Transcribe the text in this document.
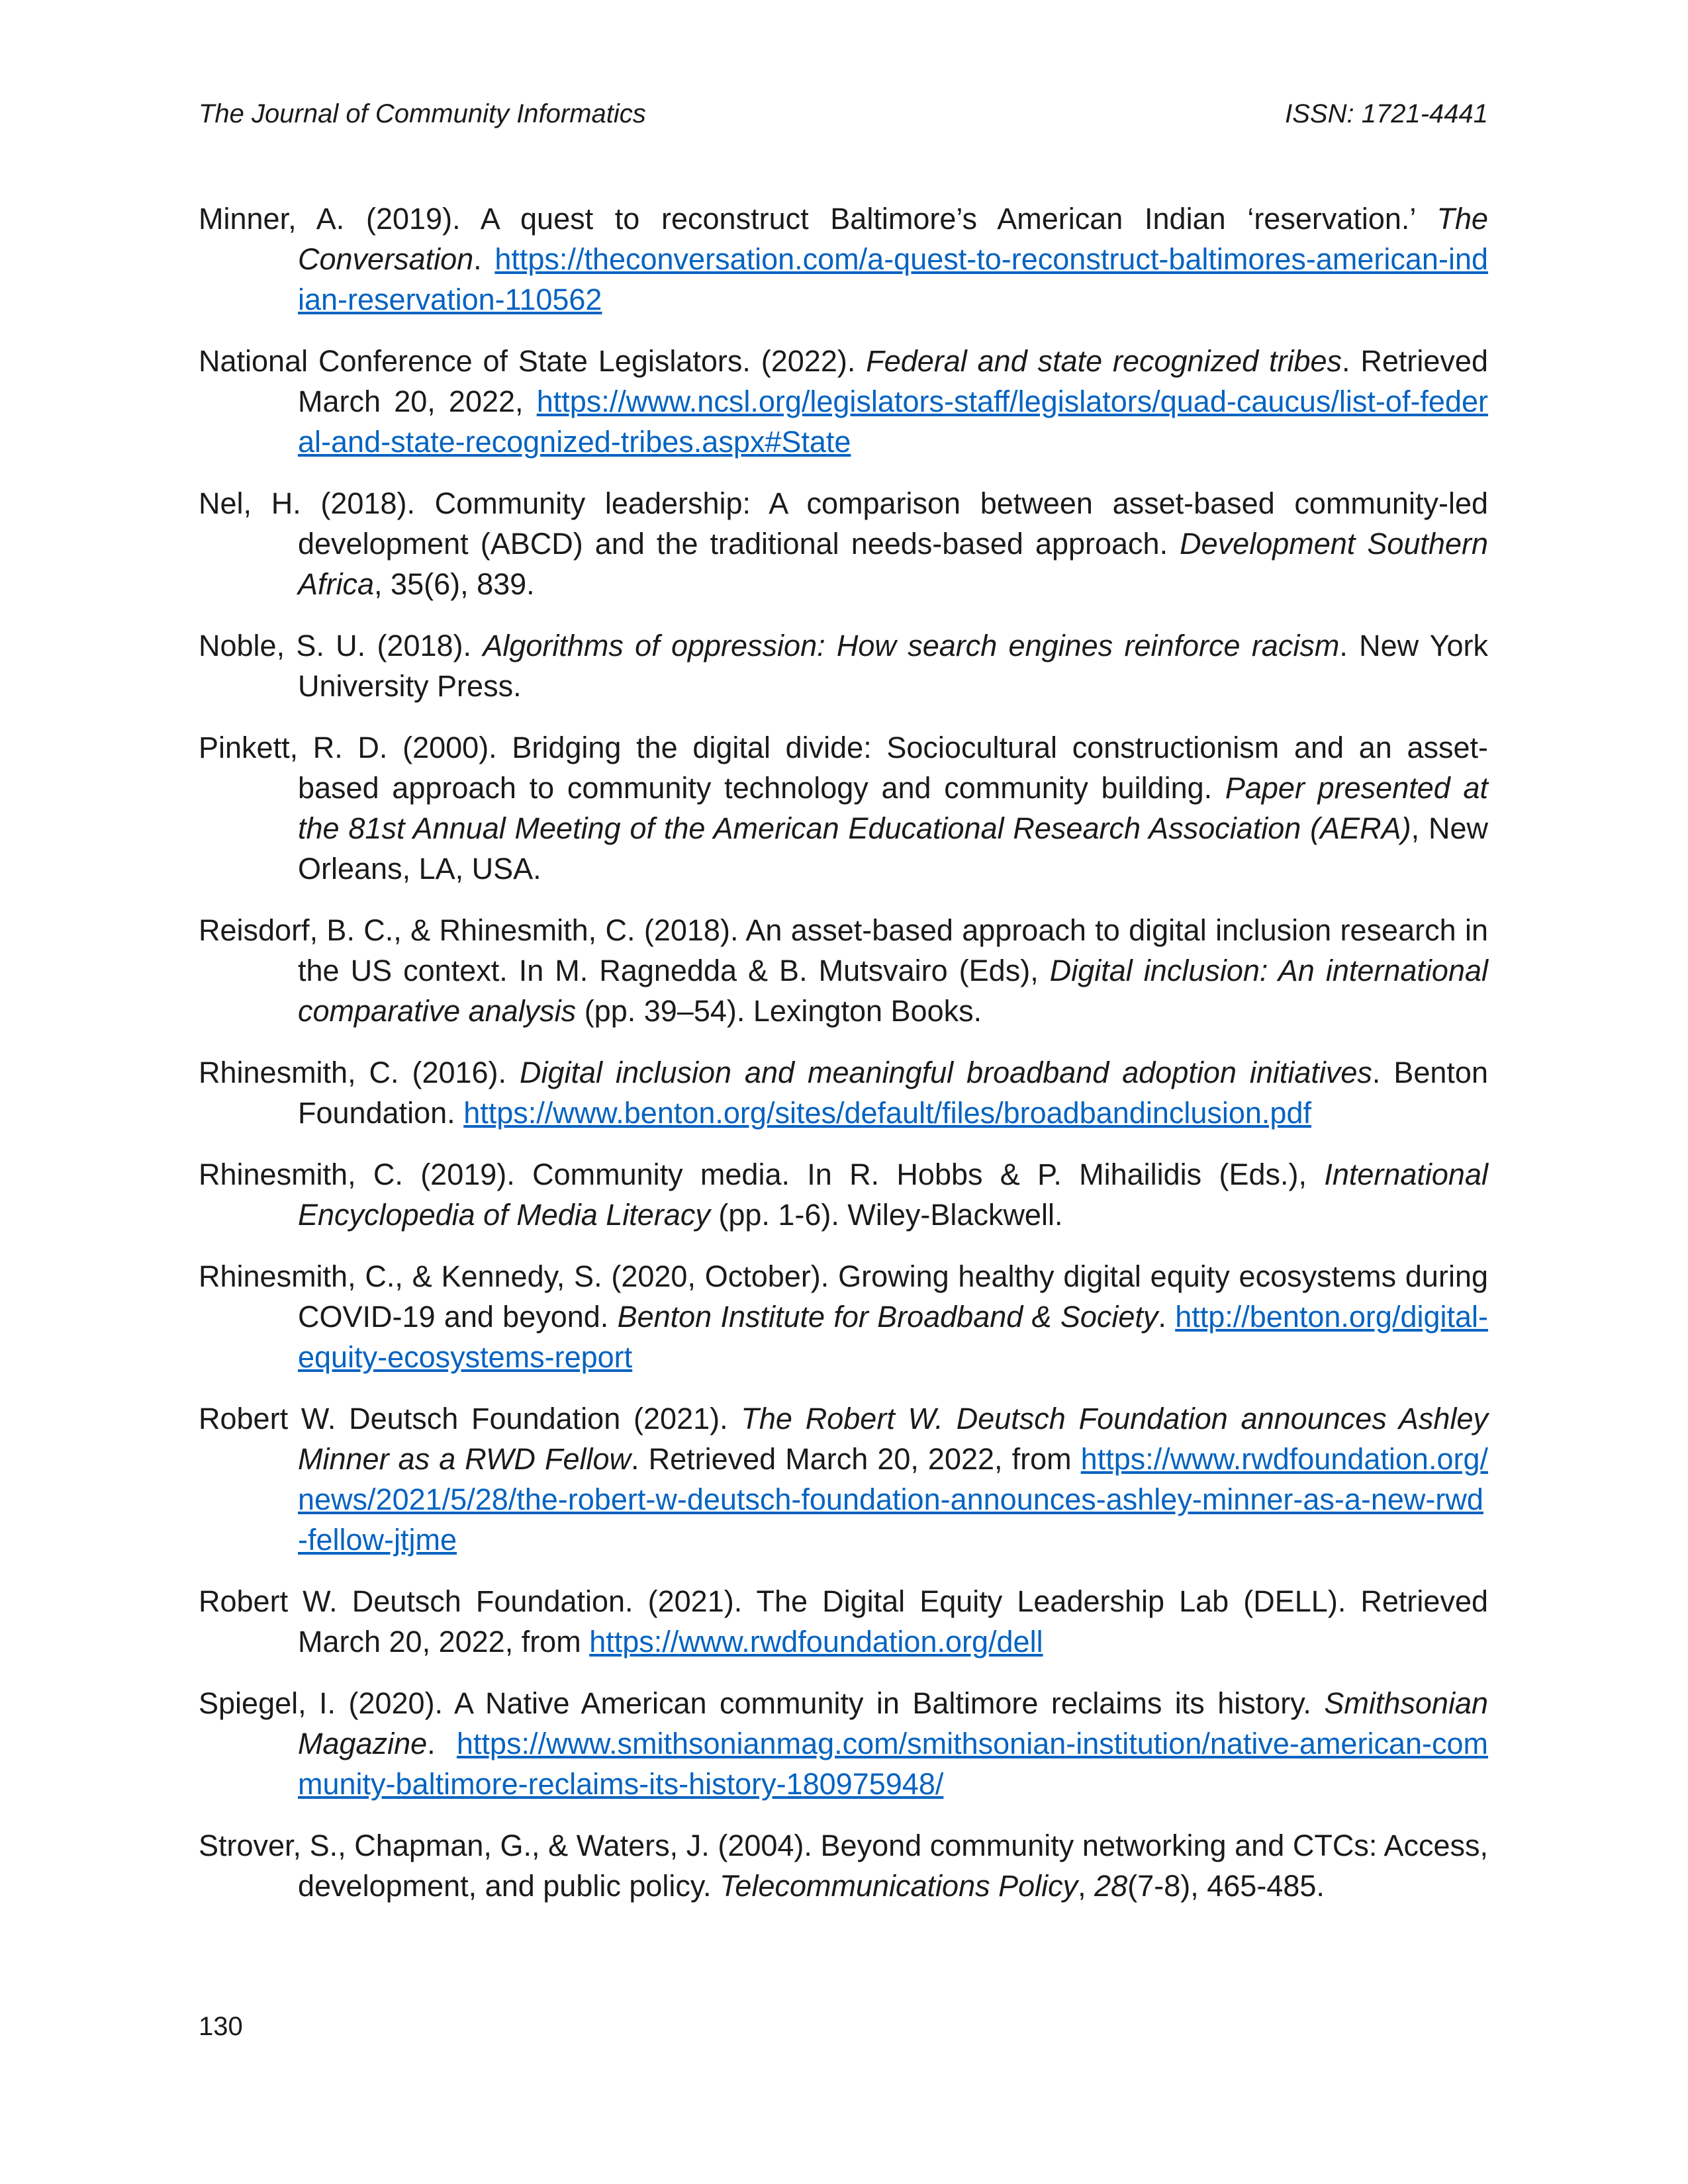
The Journal of Community Informatics	ISSN: 1721-4441

Minner, A. (2019). A quest to reconstruct Baltimore’s American Indian ‘reservation.’ The Conversation. https://theconversation.com/a-quest-to-reconstruct-baltimores-american-indian-reservation-110562

National Conference of State Legislators. (2022). Federal and state recognized tribes. Retrieved March 20, 2022, https://www.ncsl.org/legislators-staff/legislators/quad-caucus/list-of-federal-and-state-recognized-tribes.aspx#State

Nel, H. (2018). Community leadership: A comparison between asset-based community-led development (ABCD) and the traditional needs-based approach. Development Southern Africa, 35(6), 839.

Noble, S. U. (2018). Algorithms of oppression: How search engines reinforce racism. New York University Press.

Pinkett, R. D. (2000). Bridging the digital divide: Sociocultural constructionism and an asset-based approach to community technology and community building. Paper presented at the 81st Annual Meeting of the American Educational Research Association (AERA), New Orleans, LA, USA.

Reisdorf, B. C., & Rhinesmith, C. (2018). An asset-based approach to digital inclusion research in the US context. In M. Ragnedda & B. Mutsvairo (Eds), Digital inclusion: An international comparative analysis (pp. 39–54). Lexington Books.

Rhinesmith, C. (2016). Digital inclusion and meaningful broadband adoption initiatives. Benton Foundation. https://www.benton.org/sites/default/files/broadbandinclusion.pdf

Rhinesmith, C. (2019). Community media. In R. Hobbs & P. Mihailidis (Eds.), International Encyclopedia of Media Literacy (pp. 1-6). Wiley-Blackwell.

Rhinesmith, C., & Kennedy, S. (2020, October). Growing healthy digital equity ecosystems during COVID-19 and beyond. Benton Institute for Broadband & Society. http://benton.org/digital-equity-ecosystems-report

Robert W. Deutsch Foundation (2021). The Robert W. Deutsch Foundation announces Ashley Minner as a RWD Fellow. Retrieved March 20, 2022, from https://www.rwdfoundation.org/news/2021/5/28/the-robert-w-deutsch-foundation-announces-ashley-minner-as-a-new-rwd-fellow-jtjme

Robert W. Deutsch Foundation. (2021). The Digital Equity Leadership Lab (DELL). Retrieved March 20, 2022, from https://www.rwdfoundation.org/dell

Spiegel, I. (2020). A Native American community in Baltimore reclaims its history. Smithsonian Magazine. https://www.smithsonianmag.com/smithsonian-institution/native-american-community-baltimore-reclaims-its-history-180975948/

Strover, S., Chapman, G., & Waters, J. (2004). Beyond community networking and CTCs: Access, development, and public policy. Telecommunications Policy, 28(7-8), 465-485.

130
